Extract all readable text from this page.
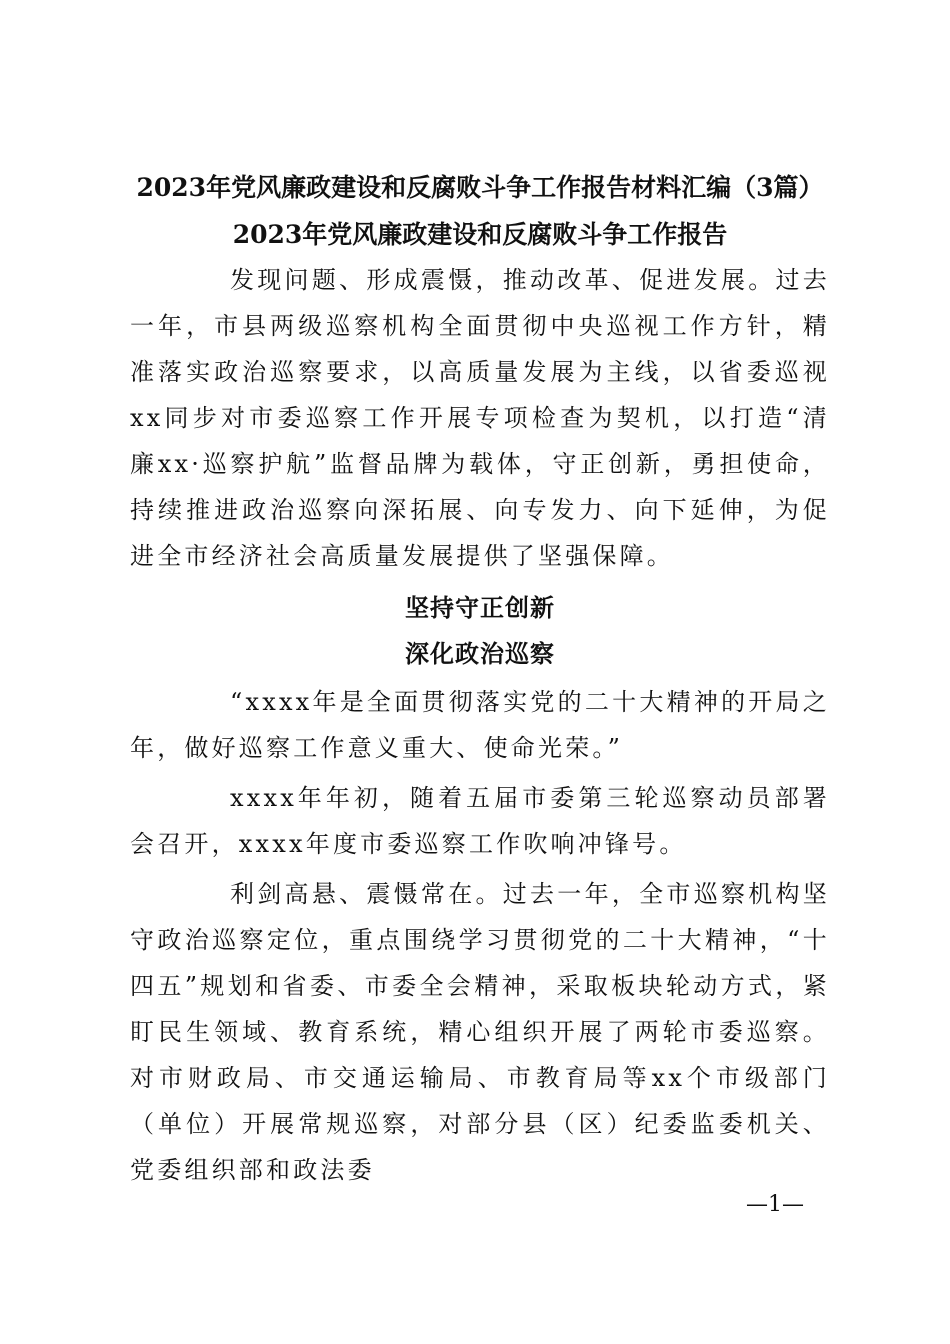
2023年党风廉政建设和反腐败斗争工作报告材料汇编（3篇）
2023年党风廉政建设和反腐败斗争工作报告

发现问题、形成震慑，推动改革、促进发展。过去一年，市县两级巡察机构全面贯彻中央巡视工作方针，精准落实政治巡察要求，以高质量发展为主线，以省委巡视xx同步对市委巡察工作开展专项检查为契机，以打造“清廉xx·巡察护航”监督品牌为载体，守正创新，勇担使命，持续推进政治巡察向深拓展、向专发力、向下延伸，为促进全市经济社会高质量发展提供了坚强保障。

坚持守正创新
深化政治巡察

“xxxx年是全面贯彻落实党的二十大精神的开局之年，做好巡察工作意义重大、使命光荣。”

xxxx年年初，随着五届市委第三轮巡察动员部署会召开，xxxx年度市委巡察工作吹响冲锋号。

利剑高悬、震慑常在。过去一年，全市巡察机构坚守政治巡察定位，重点围绕学习贯彻党的二十大精神，“十四五”规划和省委、市委全会精神，采取板块轮动方式，紧盯民生领域、教育系统，精心组织开展了两轮市委巡察。对市财政局、市交通运输局、市教育局等xx个市级部门（单位）开展常规巡察，对部分县（区）纪委监委机关、党委组织部和政法委

—1—
